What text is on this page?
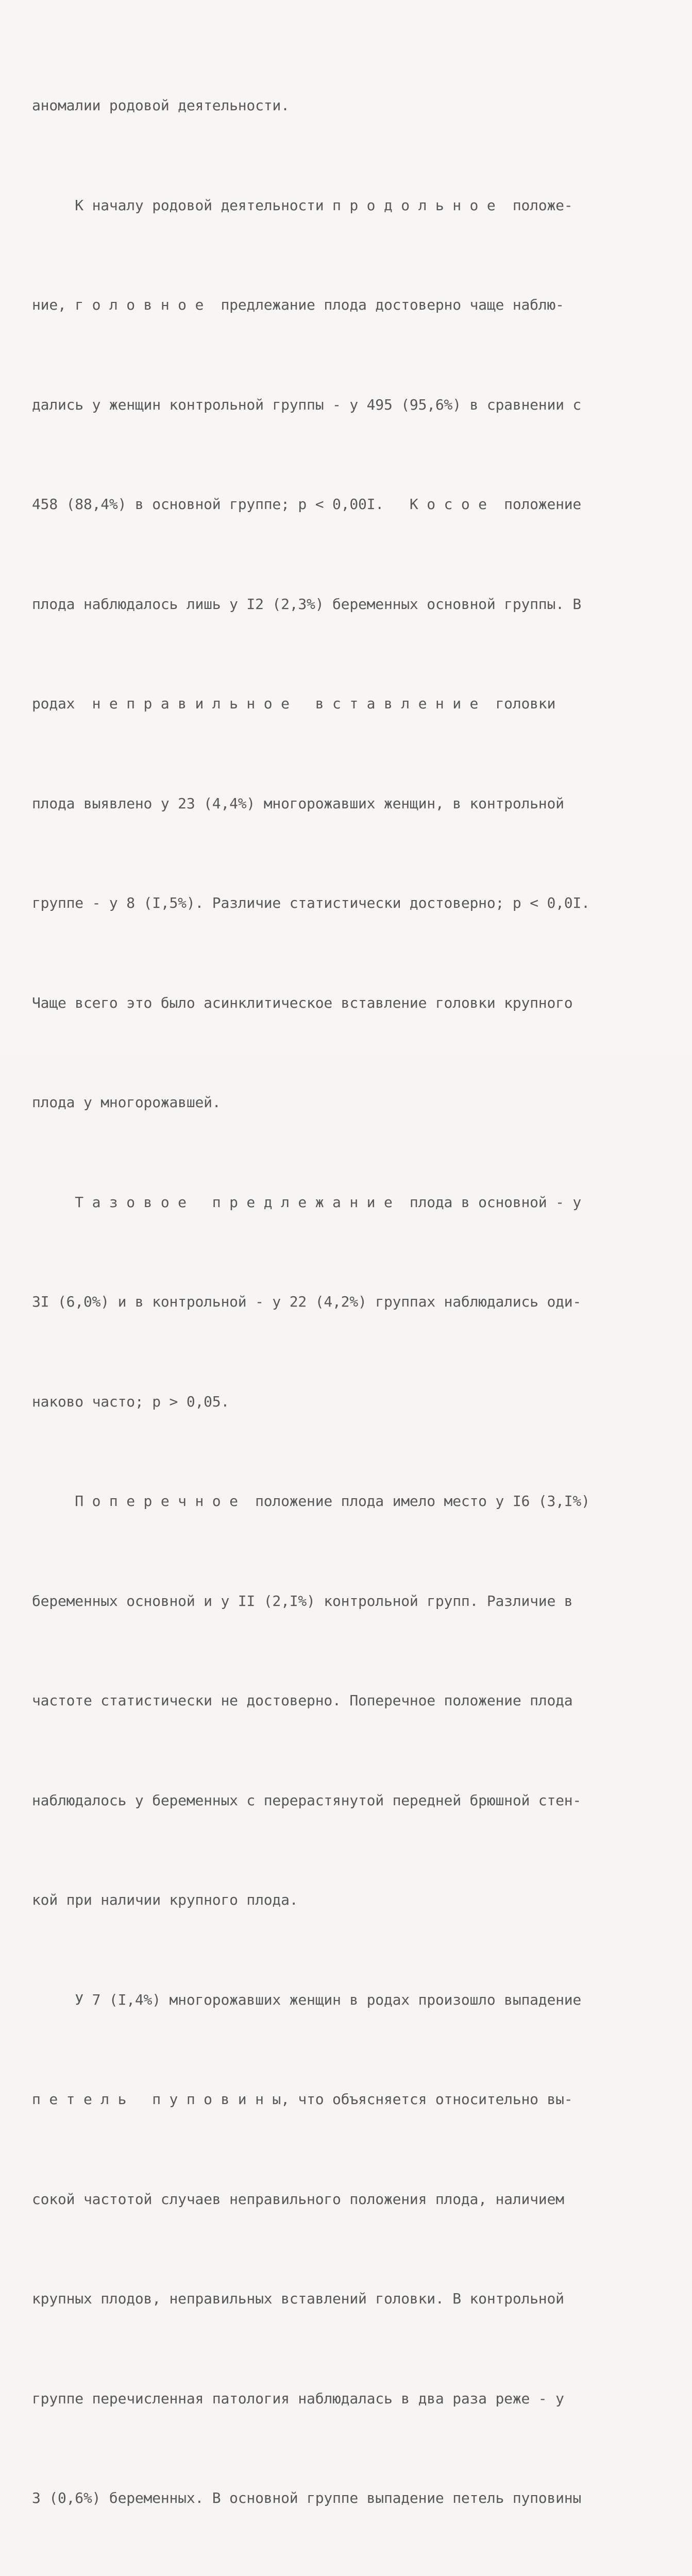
аномалии родовой деятельности.

К началу родовой деятельности п р о д о л ь н о е  положе-

ние, г о л о в н о е  предлежание плода достоверно чаще наблю-

дались у женщин контрольной группы - у 495 (95,6%) в сравнении с

458 (88,4%) в основной группе; p < 0,00I.   К о с о е  положение

плода наблюдалось лишь у I2 (2,3%) беременных основной группы. В

родах  н е п р а в и л ь н о е   в с т а в л е н и е  головки

плода выявлено у 23 (4,4%) многорожавших женщин, в контрольной

группе - у 8 (I,5%). Различие статистически достоверно; p < 0,0I.

Чаще всего это было асинклитическое вставление головки крупного

плода у многорожавшей.

Т а з о в о е   п р е д л е ж а н и е  плода в основной - у

3I (6,0%) и в контрольной - у 22 (4,2%) группах наблюдались оди-

наково часто; p > 0,05.

П о п е р е ч н о е  положение плода имело место у I6 (3,I%)

беременных основной и у II (2,I%) контрольной групп. Различие в

частоте статистически не достоверно. Поперечное положение плода

наблюдалось у беременных с перерастянутой передней брюшной стен-

кой при наличии крупного плода.

У 7 (I,4%) многорожавших женщин в родах произошло выпадение

п е т е л ь   п у п о в и н ы, что объясняется относительно вы-

сокой частотой случаев неправильного положения плода, наличием

крупных плодов, неправильных вставлений головки. В контрольной

группе перечисленная патология наблюдалась в два раза реже - у

3 (0,6%) беременных. В основной группе выпадение петель пуповины
